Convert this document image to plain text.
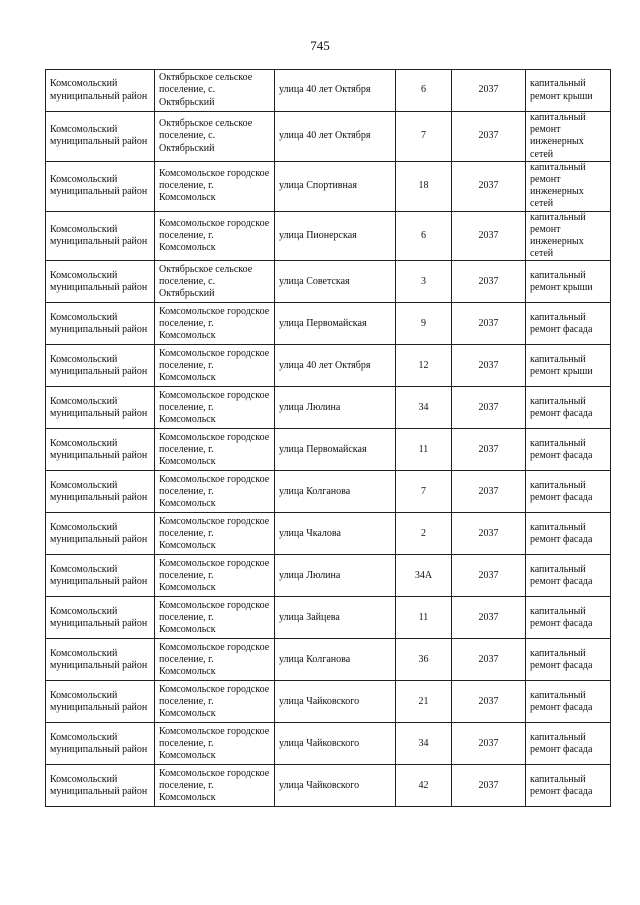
745
Комсомольский муниципальный район	Октябрьское сельское поселение, с. Октябрьский	улица 40 лет Октября	6	2037	капитальный ремонт крыши
Комсомольский муниципальный район	Октябрьское сельское поселение, с. Октябрьский	улица 40 лет Октября	7	2037	капитальный ремонт инженерных сетей
Комсомольский муниципальный район	Комсомольское городское поселение, г. Комсомольск	улица Спортивная	18	2037	капитальный ремонт инженерных сетей
Комсомольский муниципальный район	Комсомольское городское поселение, г. Комсомольск	улица Пионерская	6	2037	капитальный ремонт инженерных сетей
Комсомольский муниципальный район	Октябрьское сельское поселение, с. Октябрьский	улица Советская	3	2037	капитальный ремонт крыши
Комсомольский муниципальный район	Комсомольское городское поселение, г. Комсомольск	улица Первомайская	9	2037	капитальный ремонт фасада
Комсомольский муниципальный район	Комсомольское городское поселение, г. Комсомольск	улица 40 лет Октября	12	2037	капитальный ремонт крыши
Комсомольский муниципальный район	Комсомольское городское поселение, г. Комсомольск	улица Люлина	34	2037	капитальный ремонт фасада
Комсомольский муниципальный район	Комсомольское городское поселение, г. Комсомольск	улица Первомайская	11	2037	капитальный ремонт фасада
Комсомольский муниципальный район	Комсомольское городское поселение, г. Комсомольск	улица Колганова	7	2037	капитальный ремонт фасада
Комсомольский муниципальный район	Комсомольское городское поселение, г. Комсомольск	улица Чкалова	2	2037	капитальный ремонт фасада
Комсомольский муниципальный район	Комсомольское городское поселение, г. Комсомольск	улица Люлина	34А	2037	капитальный ремонт фасада
Комсомольский муниципальный район	Комсомольское городское поселение, г. Комсомольск	улица Зайцева	11	2037	капитальный ремонт фасада
Комсомольский муниципальный район	Комсомольское городское поселение, г. Комсомольск	улица Колганова	36	2037	капитальный ремонт фасада
Комсомольский муниципальный район	Комсомольское городское поселение, г. Комсомольск	улица Чайковского	21	2037	капитальный ремонт фасада
Комсомольский муниципальный район	Комсомольское городское поселение, г. Комсомольск	улица Чайковского	34	2037	капитальный ремонт фасада
Комсомольский муниципальный район	Комсомольское городское поселение, г. Комсомольск	улица Чайковского	42	2037	капитальный ремонт фасада
